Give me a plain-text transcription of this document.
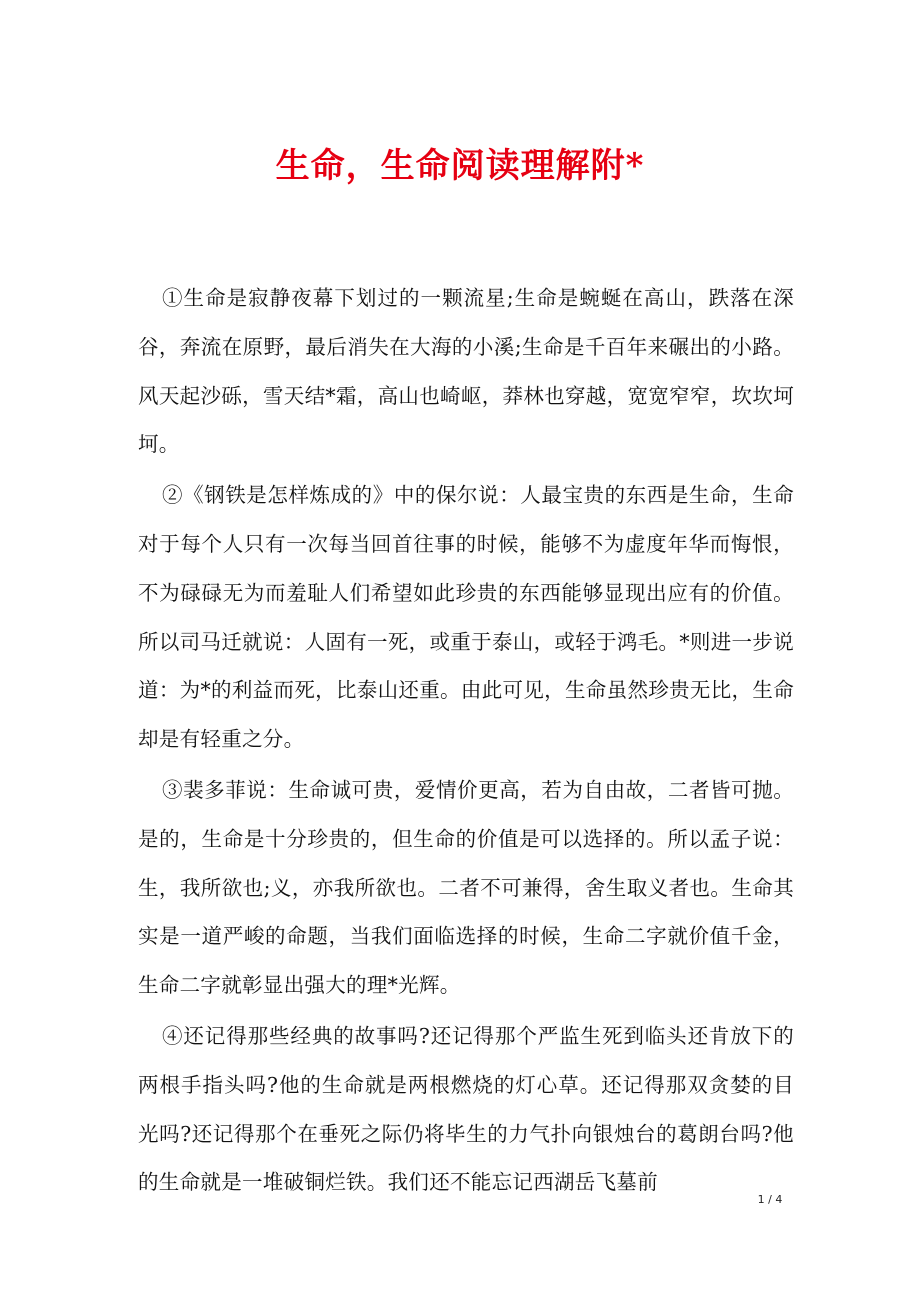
生命，生命阅读理解附*

①生命是寂静夜幕下划过的一颗流星;生命是蜿蜒在高山，跌落在深谷，奔流在原野，最后消失在大海的小溪;生命是千百年来碾出的小路。风天起沙砾，雪天结*霜，高山也崎岖，莽林也穿越，宽宽窄窄，坎坎坷坷。

②《钢铁是怎样炼成的》中的保尔说：人最宝贵的东西是生命，生命对于每个人只有一次每当回首往事的时候，能够不为虚度年华而悔恨，不为碌碌无为而羞耻人们希望如此珍贵的东西能够显现出应有的价值。所以司马迁就说：人固有一死，或重于泰山，或轻于鸿毛。*则进一步说道：为*的利益而死，比泰山还重。由此可见，生命虽然珍贵无比，生命却是有轻重之分。

③裴多菲说：生命诚可贵，爱情价更高，若为自由故，二者皆可抛。是的，生命是十分珍贵的，但生命的价值是可以选择的。所以孟子说：生，我所欲也;义，亦我所欲也。二者不可兼得，舍生取义者也。生命其实是一道严峻的命题，当我们面临选择的时候，生命二字就价值千金，生命二字就彰显出强大的理*光辉。

④还记得那些经典的故事吗?还记得那个严监生死到临头还肯放下的两根手指头吗?他的生命就是两根燃烧的灯心草。还记得那双贪婪的目光吗?还记得那个在垂死之际仍将毕生的力气扑向银烛台的葛朗台吗?他的生命就是一堆破铜烂铁。我们还不能忘记西湖岳飞墓前

1 / 4
